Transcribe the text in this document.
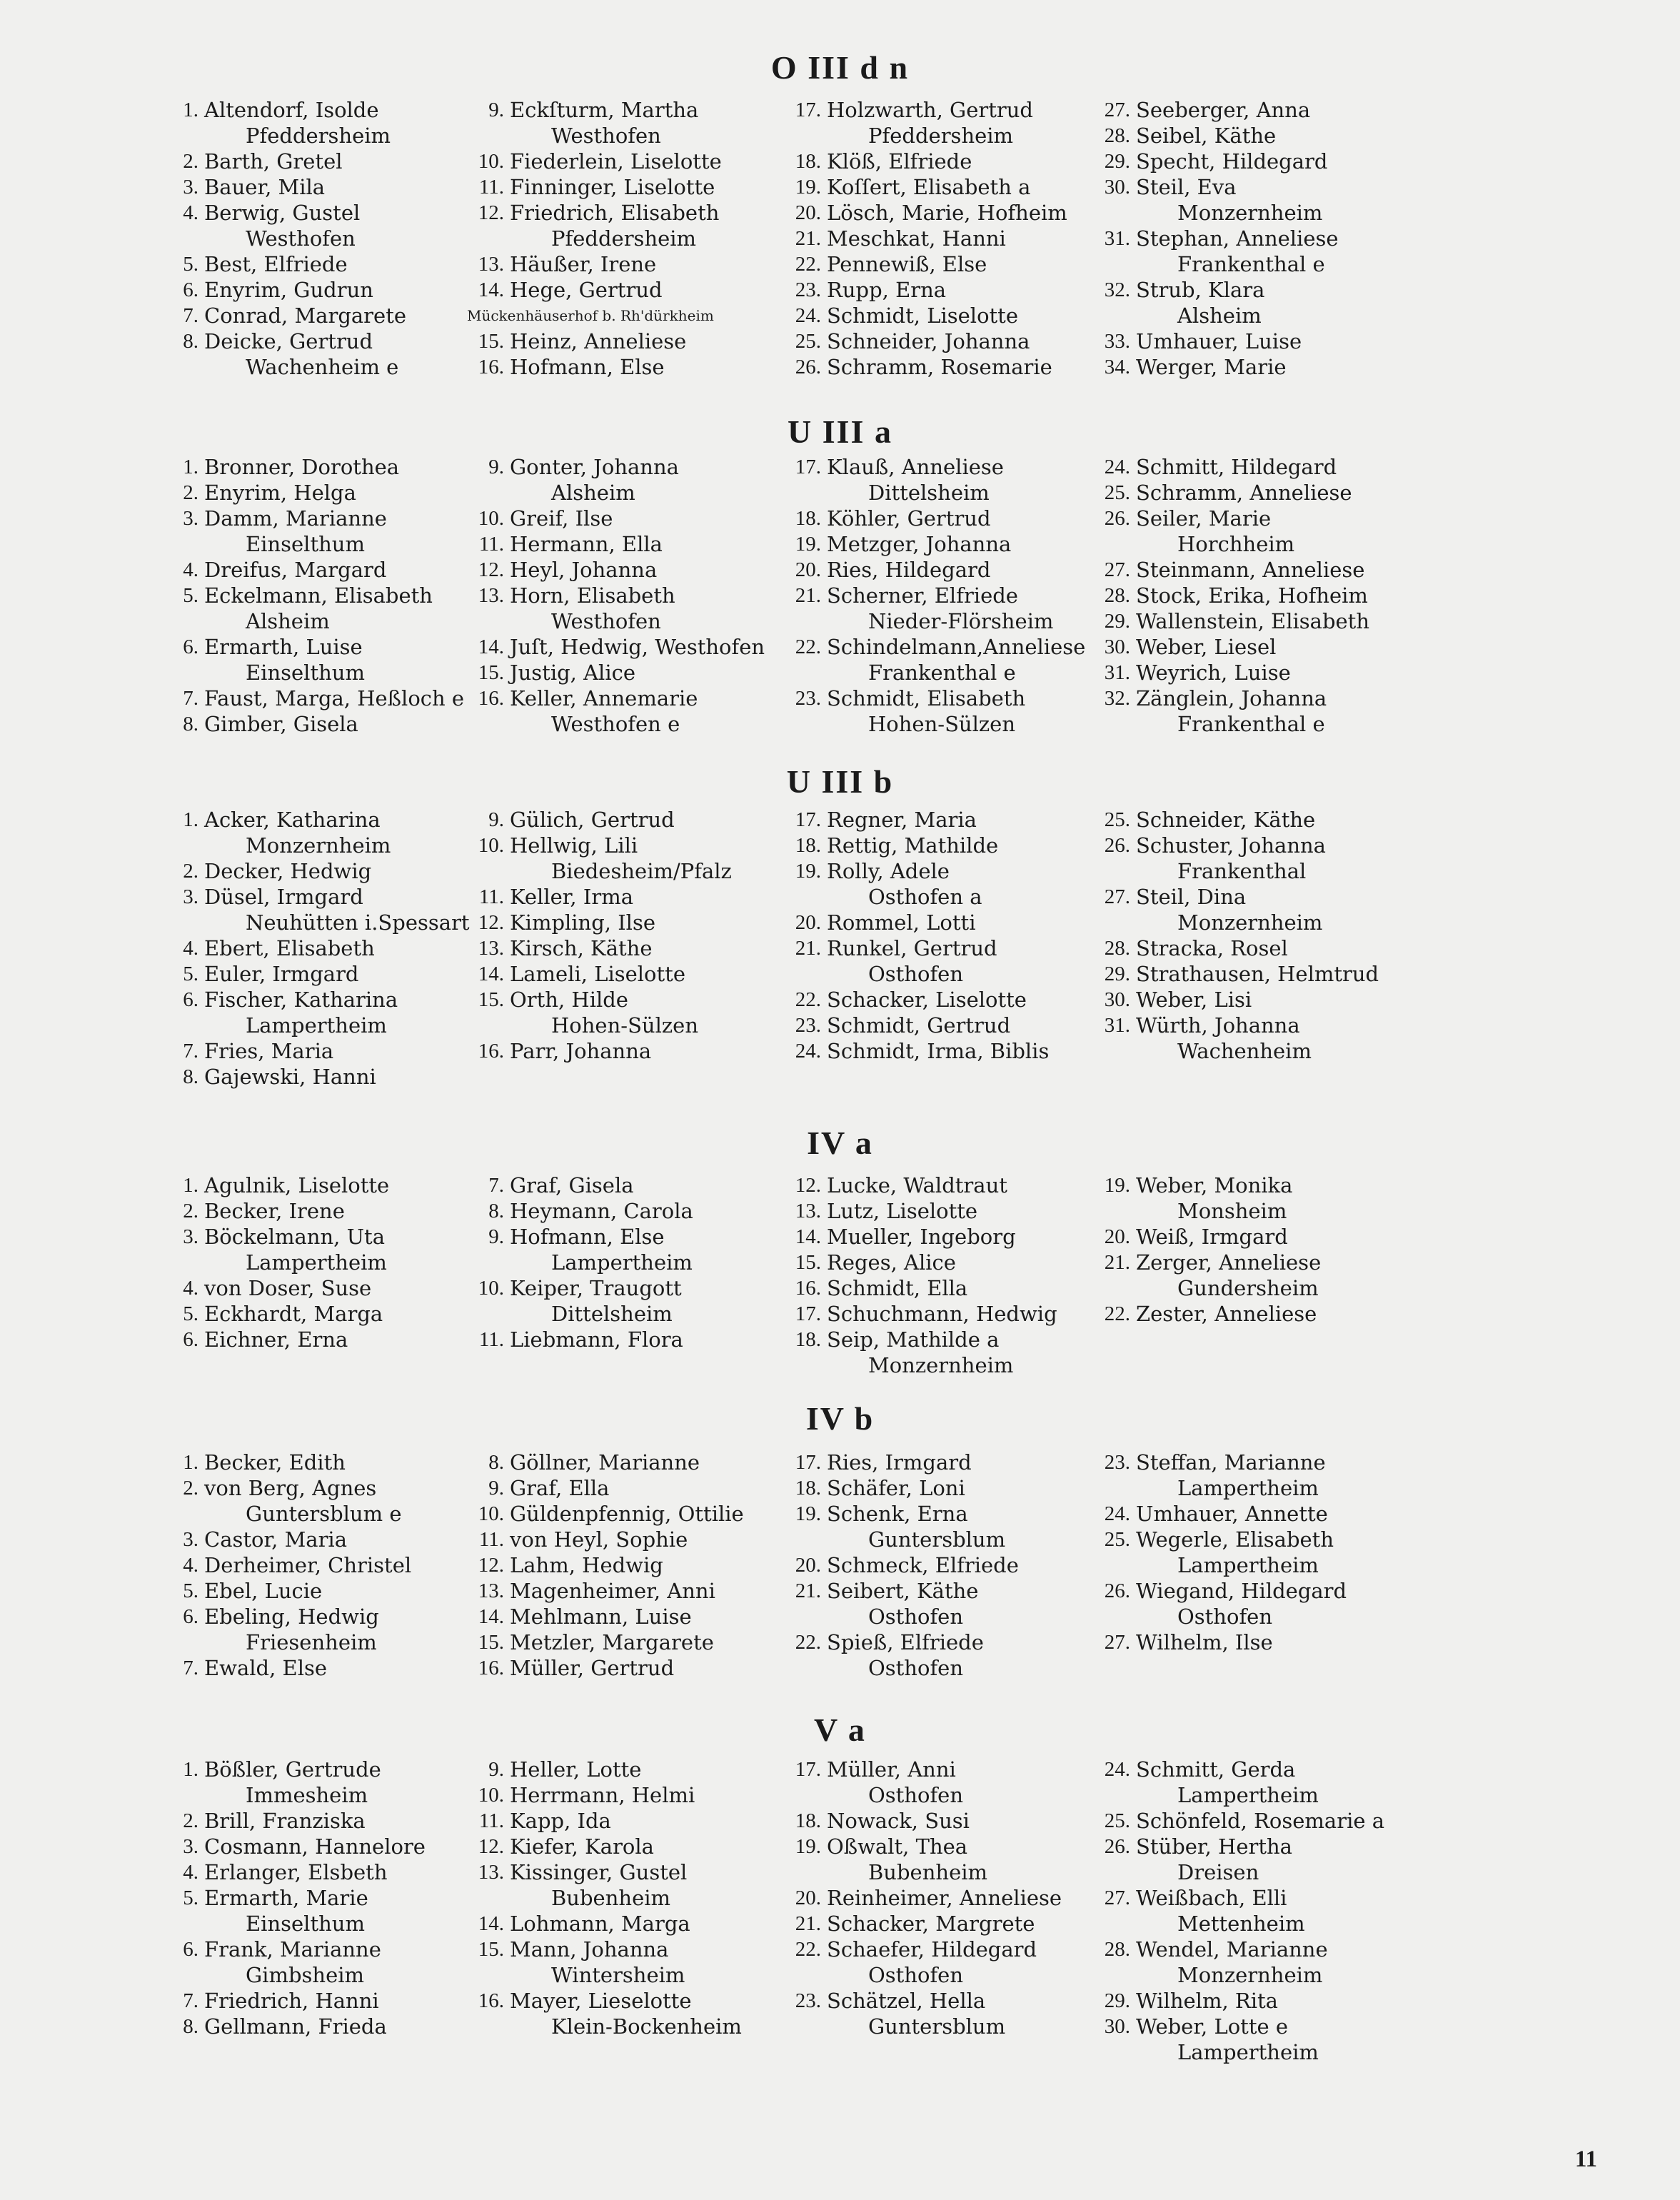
O III d n
1. Altendorf, Isolde
Pfeddersheim
2. Barth, Gretel
3. Bauer, Mila
4. Berwig, Gustel
Westhofen
5. Best, Elfriede
6. Enyrim, Gudrun
7. Conrad, Margarete
8. Deicke, Gertrud
Wachenheim e
9. Eckſturm, Martha
Westhofen
10. Fiederlein, Liselotte
11. Finninger, Liselotte
12. Friedrich, Elisabeth
Pfeddersheim
13. Häußer, Irene
14. Hege, Gertrud
Mückenhäuserhof b. Rh'dürkheim
15. Heinz, Anneliese
16. Hofmann, Else
17. Holzwarth, Gertrud
Pfeddersheim
18. Klöß, Elfriede
19. Koſſert, Elisabeth a
20. Lösch, Marie, Hofheim
21. Meschkat, Hanni
22. Pennewiß, Else
23. Rupp, Erna
24. Schmidt, Liselotte
25. Schneider, Johanna
26. Schramm, Rosemarie
27. Seeberger, Anna
28. Seibel, Käthe
29. Specht, Hildegard
30. Steil, Eva
Monzernheim
31. Stephan, Anneliese
Frankenthal e
32. Strub, Klara
Alsheim
33. Umhauer, Luise
34. Werger, Marie
U III a
1. Bronner, Dorothea
2. Enyrim, Helga
3. Damm, Marianne
Einselthum
4. Dreifus, Margard
5. Eckelmann, Elisabeth
Alsheim
6. Ermarth, Luise
Einselthum
7. Faust, Marga, Heßloch e
8. Gimber, Gisela
9. Gonter, Johanna
Alsheim
10. Greif, Ilse
11. Hermann, Ella
12. Heyl, Johanna
13. Horn, Elisabeth
Westhofen
14. Juſt, Hedwig, Westhofen
15. Justig, Alice
16. Keller, Annemarie
Westhofen e
17. Klauß, Anneliese
Dittelsheim
18. Köhler, Gertrud
19. Metzger, Johanna
20. Ries, Hildegard
21. Scherner, Elfriede
Nieder-Flörsheim
22. Schindelmann,Anneliese
Frankenthal e
23. Schmidt, Elisabeth
Hohen-Sülzen
24. Schmitt, Hildegard
25. Schramm, Anneliese
26. Seiler, Marie
Horchheim
27. Steinmann, Anneliese
28. Stock, Erika, Hofheim
29. Wallenstein, Elisabeth
30. Weber, Liesel
31. Weyrich, Luise
32. Zänglein, Johanna
Frankenthal e
U III b
1. Acker, Katharina
Monzernheim
2. Decker, Hedwig
3. Düsel, Irmgard
Neuhütten i.Spessart
4. Ebert, Elisabeth
5. Euler, Irmgard
6. Fischer, Katharina
Lampertheim
7. Fries, Maria
8. Gajewski, Hanni
9. Gülich, Gertrud
10. Hellwig, Lili
Biedesheim/Pfalz
11. Keller, Irma
12. Kimpling, Ilse
13. Kirsch, Käthe
14. Lameli, Liselotte
15. Orth, Hilde
Hohen-Sülzen
16. Parr, Johanna
17. Regner, Maria
18. Rettig, Mathilde
19. Rolly, Adele
Osthofen a
20. Rommel, Lotti
21. Runkel, Gertrud
Osthofen
22. Schacker, Liselotte
23. Schmidt, Gertrud
24. Schmidt, Irma, Biblis
25. Schneider, Käthe
26. Schuster, Johanna
Frankenthal
27. Steil, Dina
Monzernheim
28. Stracka, Rosel
29. Strathausen, Helmtrud
30. Weber, Lisi
31. Würth, Johanna
Wachenheim
IV a
1. Agulnik, Liselotte
2. Becker, Irene
3. Böckelmann, Uta
Lampertheim
4. von Doser, Suse
5. Eckhardt, Marga
6. Eichner, Erna
7. Graf, Gisela
8. Heymann, Carola
9. Hofmann, Else
Lampertheim
10. Keiper, Traugott
Dittelsheim
11. Liebmann, Flora
12. Lucke, Waldtraut
13. Lutz, Liselotte
14. Mueller, Ingeborg
15. Reges, Alice
16. Schmidt, Ella
17. Schuchmann, Hedwig
18. Seip, Mathilde a
Monzernheim
19. Weber, Monika
Monsheim
20. Weiß, Irmgard
21. Zerger, Anneliese
Gundersheim
22. Zester, Anneliese
IV b
1. Becker, Edith
2. von Berg, Agnes
Guntersblum e
3. Castor, Maria
4. Derheimer, Christel
5. Ebel, Lucie
6. Ebeling, Hedwig
Friesenheim
7. Ewald, Else
8. Göllner, Marianne
9. Graf, Ella
10. Güldenpfennig, Ottilie
11. von Heyl, Sophie
12. Lahm, Hedwig
13. Magenheimer, Anni
14. Mehlmann, Luise
15. Metzler, Margarete
16. Müller, Gertrud
17. Ries, Irmgard
18. Schäfer, Loni
19. Schenk, Erna
Guntersblum
20. Schmeck, Elfriede
21. Seibert, Käthe
Osthofen
22. Spieß, Elfriede
Osthofen
23. Steffan, Marianne
Lampertheim
24. Umhauer, Annette
25. Wegerle, Elisabeth
Lampertheim
26. Wiegand, Hildegard
Osthofen
27. Wilhelm, Ilse
V a
1. Bößler, Gertrude
Immesheim
2. Brill, Franziska
3. Cosmann, Hannelore
4. Erlanger, Elsbeth
5. Ermarth, Marie
Einselthum
6. Frank, Marianne
Gimbsheim
7. Friedrich, Hanni
8. Gellmann, Frieda
9. Heller, Lotte
10. Herrmann, Helmi
11. Kapp, Ida
12. Kiefer, Karola
13. Kissinger, Gustel
Bubenheim
14. Lohmann, Marga
15. Mann, Johanna
Wintersheim
16. Mayer, Lieselotte
Klein-Bockenheim
17. Müller, Anni
Osthofen
18. Nowack, Susi
19. Oßwalt, Thea
Bubenheim
20. Reinheimer, Anneliese
21. Schacker, Margrete
22. Schaefer, Hildegard
Osthofen
23. Schätzel, Hella
Guntersblum
24. Schmitt, Gerda
Lampertheim
25. Schönfeld, Rosemarie a
26. Stüber, Hertha
Dreisen
27. Weißbach, Elli
Mettenheim
28. Wendel, Marianne
Monzernheim
29. Wilhelm, Rita
30. Weber, Lotte e
Lampertheim
11
